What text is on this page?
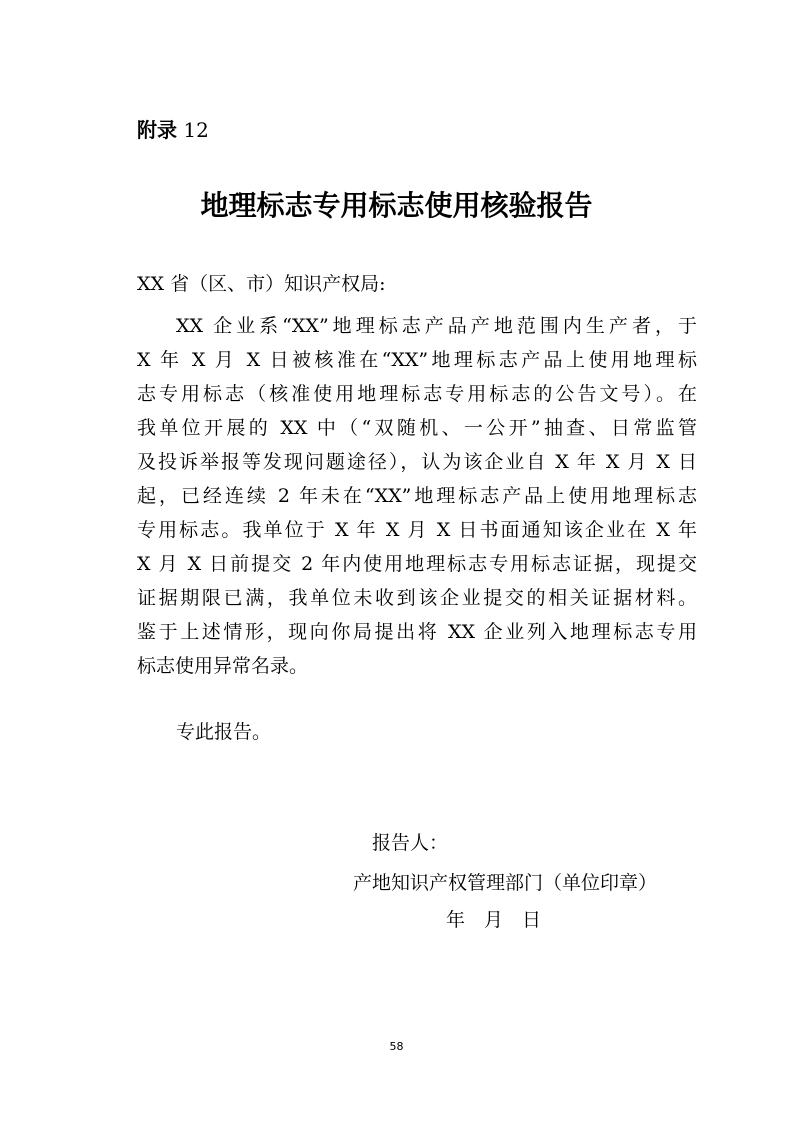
附录 12
地理标志专用标志使用核验报告
XX 省（区、市）知识产权局:
XX 企业系“XX”地理标志产品产地范围内生产者，于
X 年 X 月 X 日被核准在“XX”地理标志产品上使用地理标
志专用标志（核准使用地理标志专用标志的公告文号）。在
我单位开展的 XX 中（“双随机、一公开”抽查、日常监管
及投诉举报等发现问题途径），认为该企业自 X 年 X 月 X 日
起，已经连续 2 年未在“XX”地理标志产品上使用地理标志
专用标志。我单位于 X 年 X 月 X 日书面通知该企业在 X 年
X 月 X 日前提交 2 年内使用地理标志专用标志证据，现提交
证据期限已满，我单位未收到该企业提交的相关证据材料。
鉴于上述情形，现向你局提出将 XX 企业列入地理标志专用
标志使用异常名录。
专此报告。
报告人：
产地知识产权管理部门（单位印章）
年　月　日
58
